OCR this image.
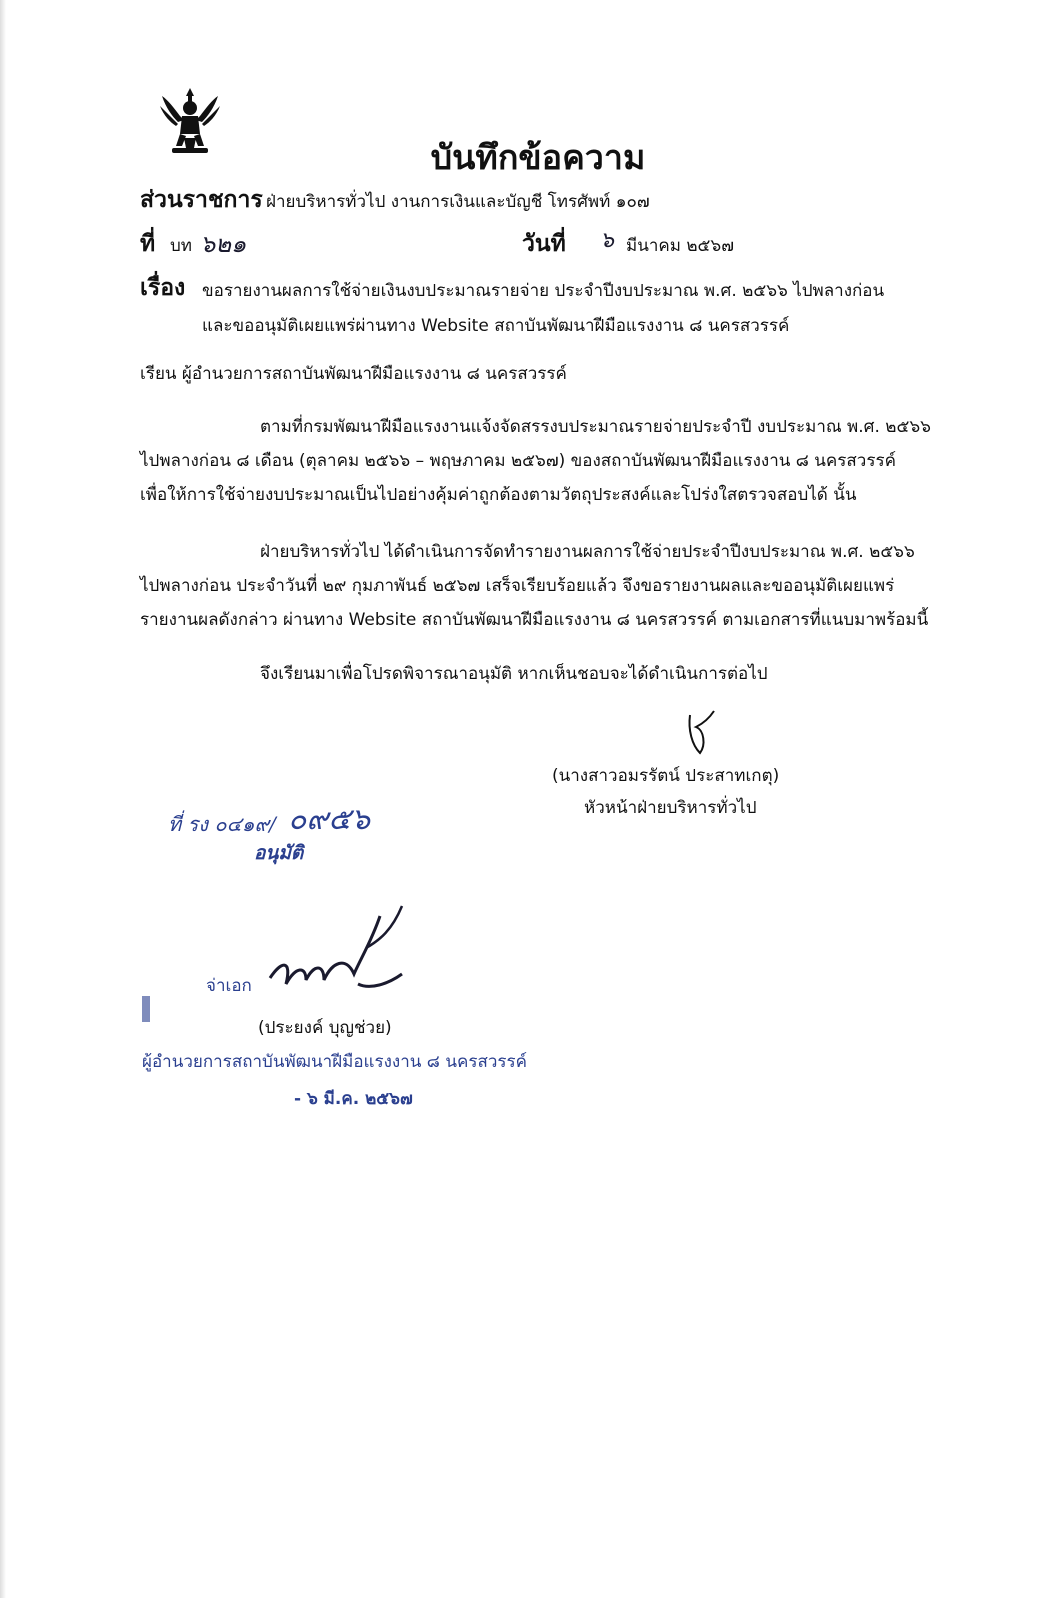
บันทึกข้อความ
ส่วนราชการ ฝ่ายบริหารทั่วไป งานการเงินและบัญชี โทรศัพท์ ๑๐๗
ที่ บท ๖๒๑	วันที่ ๖ มีนาคม ๒๕๖๗
เรื่อง ขอรายงานผลการใช้จ่ายเงินงบประมาณรายจ่าย ประจำปีงบประมาณ พ.ศ. ๒๕๖๖ ไปพลางก่อน
และขออนุมัติเผยแพร่ผ่านทาง Website สถาบันพัฒนาฝีมือแรงงาน ๘ นครสวรรค์
เรียน ผู้อำนวยการสถาบันพัฒนาฝีมือแรงงาน ๘ นครสวรรค์
ตามที่กรมพัฒนาฝีมือแรงงานแจ้งจัดสรรงบประมาณรายจ่ายประจำปี งบประมาณ พ.ศ. ๒๕๖๖
ไปพลางก่อน ๘ เดือน (ตุลาคม ๒๕๖๖ – พฤษภาคม ๒๕๖๗) ของสถาบันพัฒนาฝีมือแรงงาน ๘ นครสวรรค์
เพื่อให้การใช้จ่ายงบประมาณเป็นไปอย่างคุ้มค่าถูกต้องตามวัตถุประสงค์และโปร่งใสตรวจสอบได้ นั้น
ฝ่ายบริหารทั่วไป ได้ดำเนินการจัดทำรายงานผลการใช้จ่ายประจำปีงบประมาณ พ.ศ. ๒๕๖๖
ไปพลางก่อน ประจำวันที่ ๒๙ กุมภาพันธ์ ๒๕๖๗ เสร็จเรียบร้อยแล้ว จึงขอรายงานผลและขออนุมัติเผยแพร่
รายงานผลดังกล่าว ผ่านทาง Website สถาบันพัฒนาฝีมือแรงงาน ๘ นครสวรรค์ ตามเอกสารที่แนบมาพร้อมนี้
จึงเรียนมาเพื่อโปรดพิจารณาอนุมัติ หากเห็นชอบจะได้ดำเนินการต่อไป
(นางสาวอมรรัตน์ ประสาทเกตุ)
หัวหน้าฝ่ายบริหารทั่วไป
ที่ รง ๐๔๑๙/ ๐๙๕๖
อนุมัติ
จ่าเอก
(ประยงค์ บุญช่วย)
ผู้อำนวยการสถาบันพัฒนาฝีมือแรงงาน ๘ นครสวรรค์
- ๖ มี.ค. ๒๕๖๗
